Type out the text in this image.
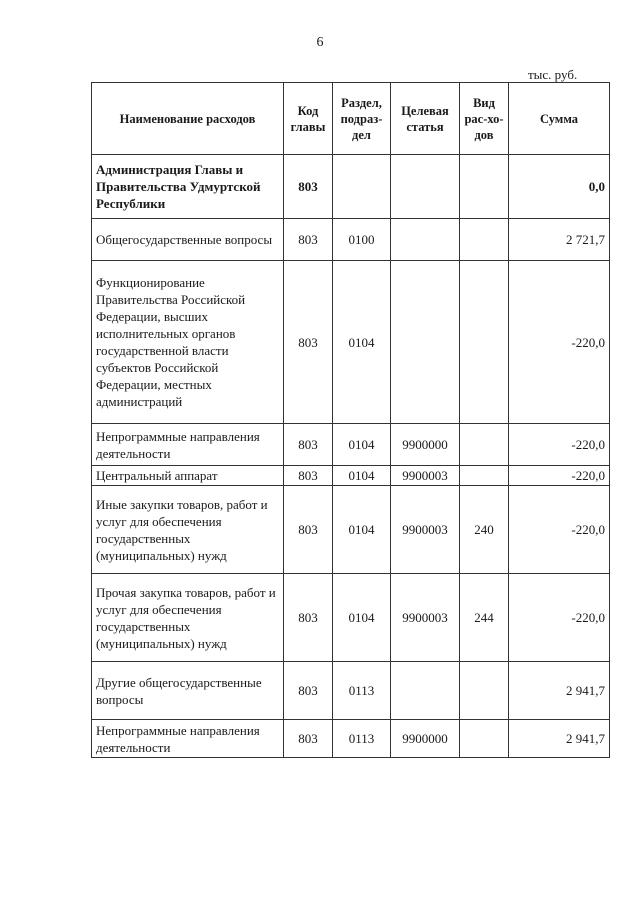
6
тыс. руб.
Наименование расходов	Код главы	Раздел, подраз-дел	Целевая статья	Вид рас-хо-дов	Сумма
Администрация Главы и Правительства Удмуртской Республики	803				0,0
Общегосударственные вопросы	803	0100			2 721,7
Функционирование Правительства Российской Федерации, высших исполнительных органов государственной власти субъектов Российской Федерации, местных администраций	803	0104			-220,0
Непрограммные направления деятельности	803	0104	9900000		-220,0
Центральный аппарат	803	0104	9900003		-220,0
Иные закупки товаров, работ и услуг для обеспечения государственных (муниципальных) нужд	803	0104	9900003	240	-220,0
Прочая закупка товаров, работ и услуг для обеспечения государственных (муниципальных) нужд	803	0104	9900003	244	-220,0
Другие общегосударственные вопросы	803	0113			2 941,7
Непрограммные направления деятельности	803	0113	9900000		2 941,7
